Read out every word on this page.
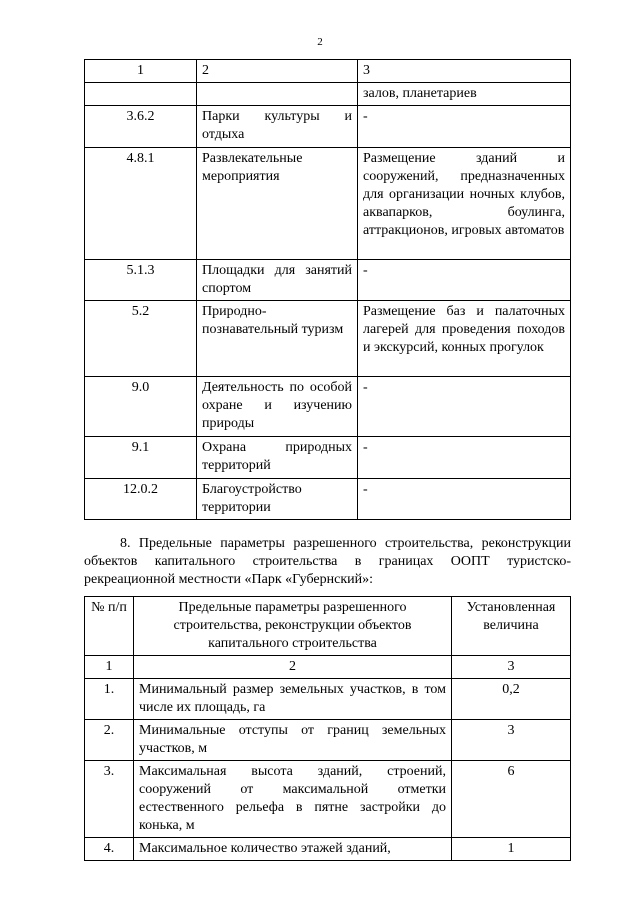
2
1	2	3
		залов, планетариев
3.6.2	Парки культуры и отдыха	-
4.8.1	Развлекательные мероприятия	Размещение зданий и сооружений, предназначенных для организации ночных клубов, аквапарков, боулинга, аттракционов, игровых автоматов
5.1.3	Площадки для занятий спортом	-
5.2	Природно-познавательный туризм	Размещение баз и палаточных лагерей для проведения походов и экскурсий, конных прогулок
9.0	Деятельность по особой охране и изучению природы	-
9.1	Охрана природных территорий	-
12.0.2	Благоустройство территории	-
8. Предельные параметры разрешенного строительства, реконструкции объектов капитального строительства в границах ООПТ туристско-рекреационной местности «Парк «Губернский»:
№ п/п	Предельные параметры разрешенного строительства, реконструкции объектов капитального строительства	Установленная величина
1	2	3
1.	Минимальный размер земельных участков, в том числе их площадь, га	0,2
2.	Минимальные отступы от границ земельных участков, м	3
3.	Максимальная высота зданий, строений, сооружений от максимальной отметки естественного рельефа в пятне застройки до конька, м	6
4.	Максимальное количество этажей зданий,	1
